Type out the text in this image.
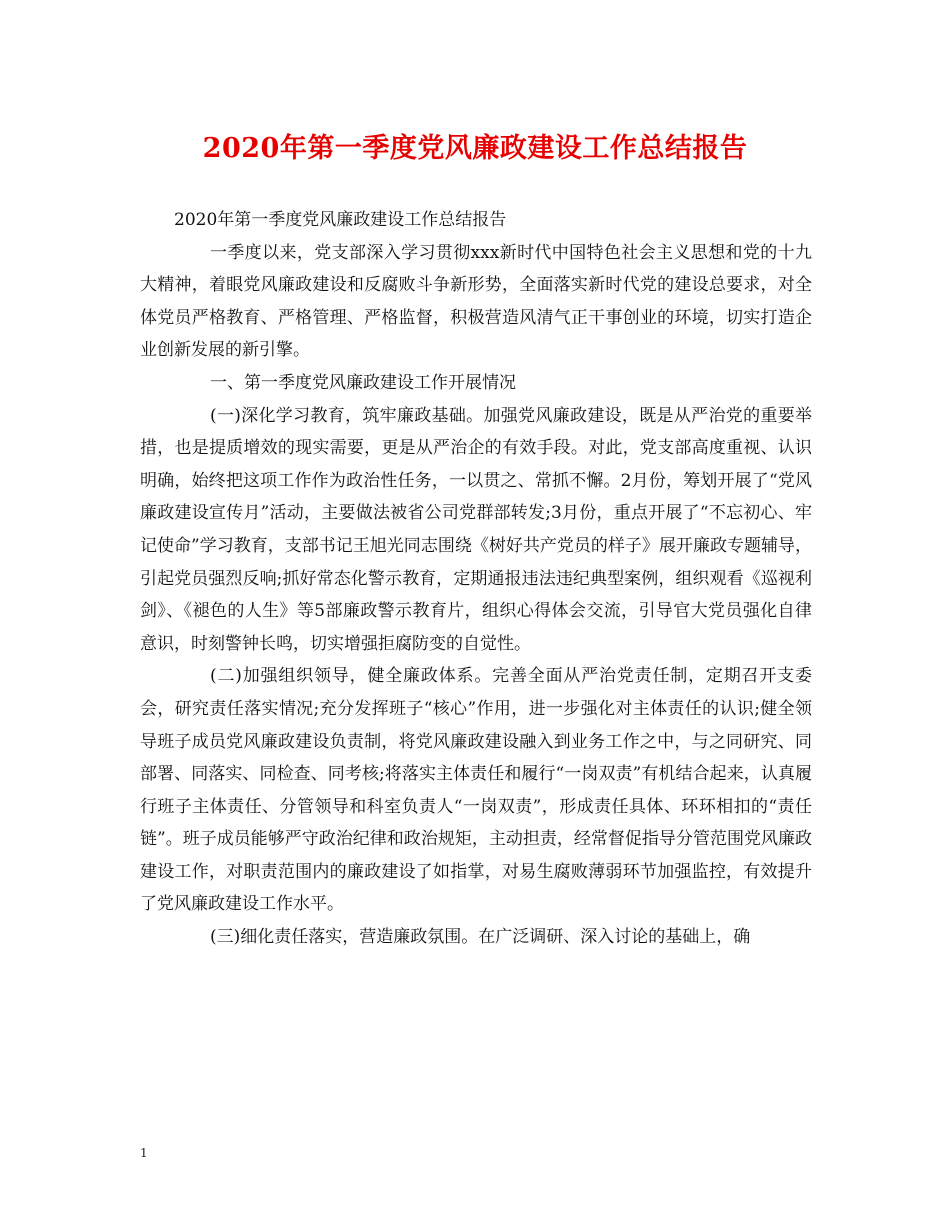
2020年第一季度党风廉政建设工作总结报告

2020年第一季度党风廉政建设工作总结报告

一季度以来，党支部深入学习贯彻xxx新时代中国特色社会主义思想和党的十九大精神，着眼党风廉政建设和反腐败斗争新形势，全面落实新时代党的建设总要求，对全体党员严格教育、严格管理、严格监督，积极营造风清气正干事创业的环境，切实打造企业创新发展的新引擎。

一、第一季度党风廉政建设工作开展情况

(一)深化学习教育，筑牢廉政基础。加强党风廉政建设，既是从严治党的重要举措，也是提质增效的现实需要，更是从严治企的有效手段。对此，党支部高度重视、认识明确，始终把这项工作作为政治性任务，一以贯之、常抓不懈。2月份，筹划开展了“党风廉政建设宣传月”活动，主要做法被省公司党群部转发;3月份，重点开展了“不忘初心、牢记使命”学习教育，支部书记王旭光同志围绕《树好共产党员的样子》展开廉政专题辅导，引起党员强烈反响;抓好常态化警示教育，定期通报违法违纪典型案例，组织观看《巡视利剑》、《褪色的人生》等5部廉政警示教育片，组织心得体会交流，引导官大党员强化自律意识，时刻警钟长鸣，切实增强拒腐防变的自觉性。

(二)加强组织领导，健全廉政体系。完善全面从严治党责任制，定期召开支委会，研究责任落实情况;充分发挥班子“核心”作用，进一步强化对主体责任的认识;健全领导班子成员党风廉政建设负责制，将党风廉政建设融入到业务工作之中，与之同研究、同部署、同落实、同检查、同考核;将落实主体责任和履行“一岗双责”有机结合起来，认真履行班子主体责任、分管领导和科室负责人“一岗双责”，形成责任具体、环环相扣的“责任链”。班子成员能够严守政治纪律和政治规矩，主动担责，经常督促指导分管范围党风廉政建设工作，对职责范围内的廉政建设了如指掌，对易生腐败薄弱环节加强监控，有效提升了党风廉政建设工作水平。

(三)细化责任落实，营造廉政氛围。在广泛调研、深入讨论的基础上，确

1
